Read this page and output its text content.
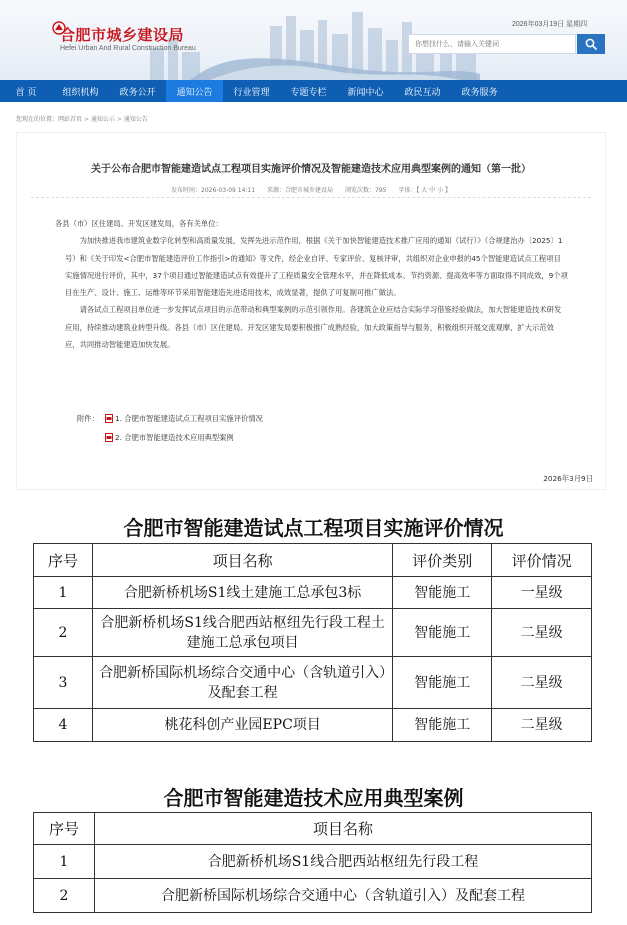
合肥市城乡建设局
Hefei Urban And Rural Construction Bureau
2026年03月19日 星期四
你想找什么，请输入关键词
首 页	组织机构	政务公开	通知公告	行业管理	专题专栏	新闻中心	政民互动	政务服务
您现在的位置：网站首页 > 通知公示 > 通知公告
关于公布合肥市智能建造试点工程项目实施评价情况及智能建造技术应用典型案例的通知（第一批）
发布时间：2026-03-09 14:11 来源：合肥市城乡建设局 浏览次数：795 字体：【 大 中 小 】

各县（市）区住建局、开发区建发局，各有关单位：

为加快推进我市建筑业数字化转型和高质量发展，发挥先进示范作用，根据《关于加快智能建造技术推广应用的通知（试行）》（合规建治办〔2025〕1号）和《关于印发<合肥市智能建造评价工作指引>的通知》等文件，经企业自评、专家评价、复核评审，共组织对企业申报的45个智能建造试点工程项目实施情况进行评价，其中，37个项目通过智能建造试点有效提升了工程质量安全管理水平，并在降低成本、节约资源、提高效率等方面取得不同成效，9个项目在生产、设计、施工、运维等环节采用智能建造先进适用技术，成效显著，提供了可复制可推广做法。

请各试点工程项目单位进一步发挥试点项目的示范带动和典型案例的示范引领作用。各建筑企业应结合实际学习借鉴经验做法，加大智能建造技术研发应用，持续推动建筑业转型升级。各县（市）区住建局、开发区建发局要积极推广成熟经验，加大政策指导与服务，积极组织开展交流观摩，扩大示范效应，共同推动智能建造加快发展。

附件：	1. 合肥市智能建造试点工程项目实施评价情况
2. 合肥市智能建造技术应用典型案例
2026年3月9日
合肥市智能建造试点工程项目实施评价情况
序号	项目名称	评价类别	评价情况
1	合肥新桥机场S1线土建施工总承包3标	智能施工	一星级
2	合肥新桥机场S1线合肥西站枢纽先行段工程土建施工总承包项目	智能施工	二星级
3	合肥新桥国际机场综合交通中心（含轨道引入）及配套工程	智能施工	二星级
4	桃花科创产业园EPC项目	智能施工	二星级
合肥市智能建造技术应用典型案例
序号	项目名称
1	合肥新桥机场S1线合肥西站枢纽先行段工程
2	合肥新桥国际机场综合交通中心（含轨道引入）及配套工程
